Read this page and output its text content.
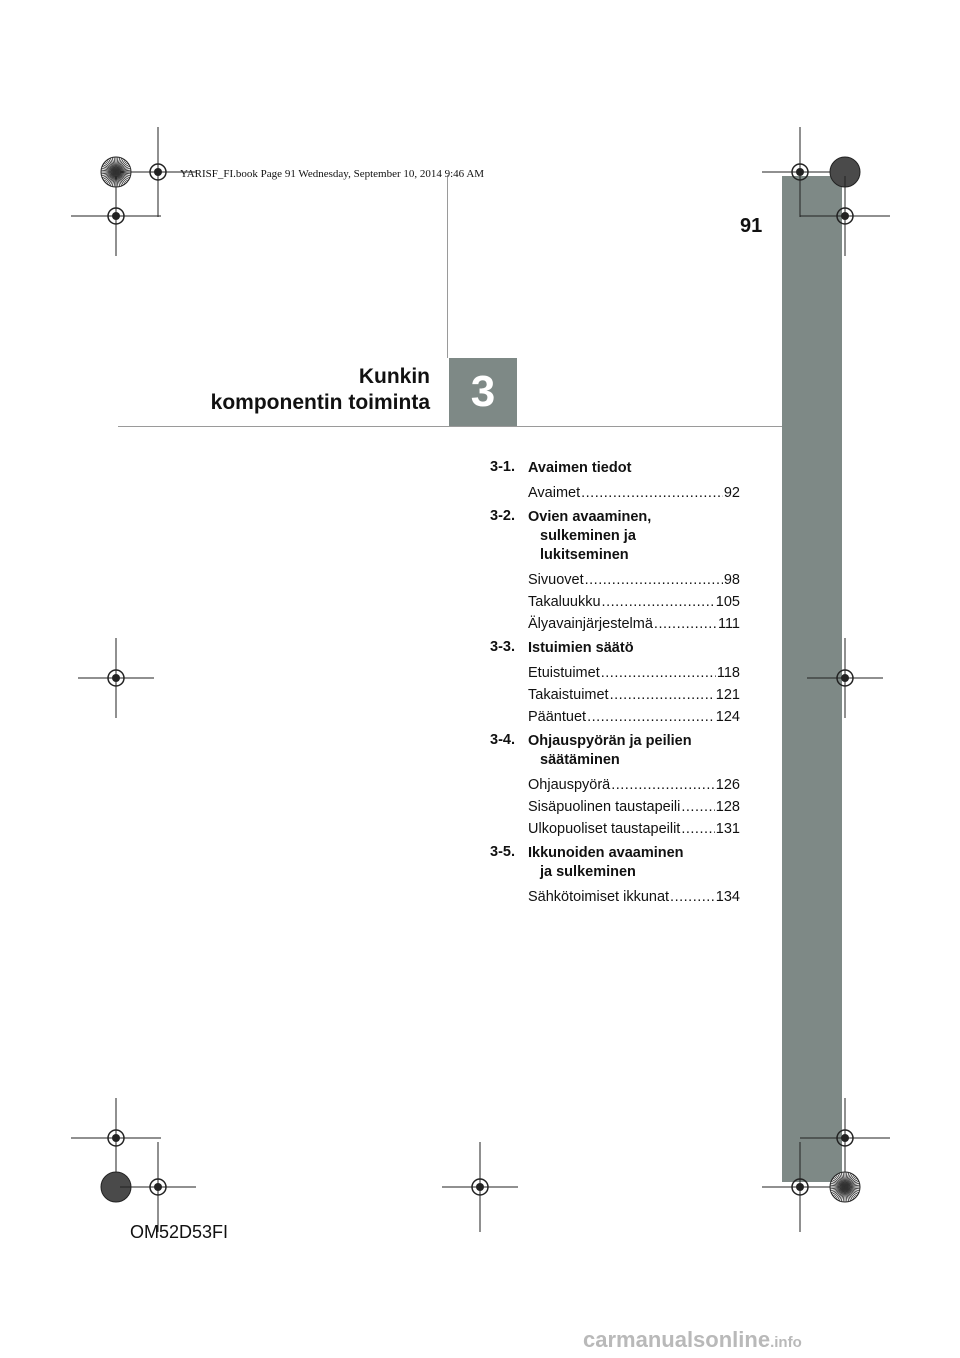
3
Kunkin
komponentin toiminta
91
YARISF_FI.book Page 91 Wednesday, September 10, 2014 9:46 AM
3-1. Avaimen tiedot
Avaimet .....	92
3-2. Ovien avaaminen,
sulkeminen ja
lukitseminen
Sivuovet .....	98
Takaluukku .....	105
Älyavainjärjestelmä .....	111
3-3. Istuimien säätö
Etuistuimet .....	118
Takaistuimet .....	121
Pääntuet .....	124
3-4. Ohjauspyörän ja peilien
säätäminen
Ohjauspyörä .....	126
Sisäpuolinen taustapeili ..... 128
Ulkopuoliset taustapeilit ..... 131
3-5. Ikkunoiden avaaminen
ja sulkeminen
Sähkötoimiset ikkunat .....	134
OM52D53FI
carmanualsonline.info
